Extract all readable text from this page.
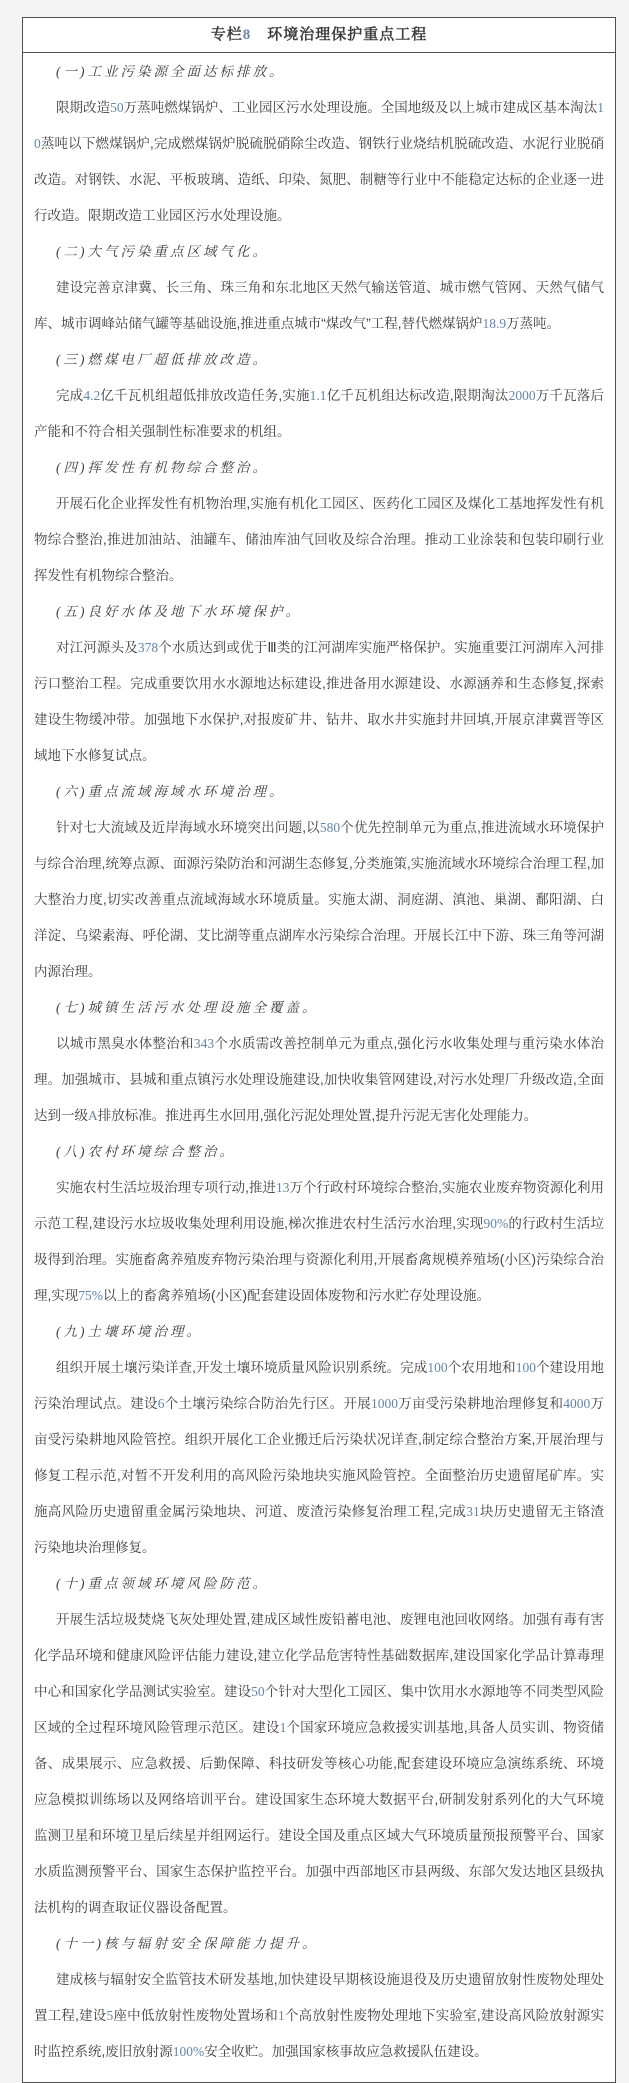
专栏8　环境治理保护重点工程

(一)工业污染源全面达标排放。

限期改造50万蒸吨燃煤锅炉、工业园区污水处理设施。全国地级及以上城市建成区基本淘汰10蒸吨以下燃煤锅炉,完成燃煤锅炉脱硫脱硝除尘改造、钢铁行业烧结机脱硫改造、水泥行业脱硝改造。对钢铁、水泥、平板玻璃、造纸、印染、氮肥、制糖等行业中不能稳定达标的企业逐一进行改造。限期改造工业园区污水处理设施。

(二)大气污染重点区域气化。

建设完善京津冀、长三角、珠三角和东北地区天然气输送管道、城市燃气管网、天然气储气库、城市调峰站储气罐等基础设施,推进重点城市“煤改气”工程,替代燃煤锅炉18.9万蒸吨。

(三)燃煤电厂超低排放改造。

完成4.2亿千瓦机组超低排放改造任务,实施1.1亿千瓦机组达标改造,限期淘汰2000万千瓦落后产能和不符合相关强制性标准要求的机组。

(四)挥发性有机物综合整治。

开展石化企业挥发性有机物治理,实施有机化工园区、医药化工园区及煤化工基地挥发性有机物综合整治,推进加油站、油罐车、储油库油气回收及综合治理。推动工业涂装和包装印刷行业挥发性有机物综合整治。

(五)良好水体及地下水环境保护。

对江河源头及378个水质达到或优于Ⅲ类的江河湖库实施严格保护。实施重要江河湖库入河排污口整治工程。完成重要饮用水水源地达标建设,推进备用水源建设、水源涵养和生态修复,探索建设生物缓冲带。加强地下水保护,对报废矿井、钻井、取水井实施封井回填,开展京津冀晋等区域地下水修复试点。

(六)重点流域海域水环境治理。

针对七大流域及近岸海域水环境突出问题,以580个优先控制单元为重点,推进流域水环境保护与综合治理,统筹点源、面源污染防治和河湖生态修复,分类施策,实施流域水环境综合治理工程,加大整治力度,切实改善重点流域海域水环境质量。实施太湖、洞庭湖、滇池、巢湖、鄱阳湖、白洋淀、乌梁素海、呼伦湖、艾比湖等重点湖库水污染综合治理。开展长江中下游、珠三角等河湖内源治理。

(七)城镇生活污水处理设施全覆盖。

以城市黑臭水体整治和343个水质需改善控制单元为重点,强化污水收集处理与重污染水体治理。加强城市、县城和重点镇污水处理设施建设,加快收集管网建设,对污水处理厂升级改造,全面达到一级A排放标准。推进再生水回用,强化污泥处理处置,提升污泥无害化处理能力。

(八)农村环境综合整治。

实施农村生活垃圾治理专项行动,推进13万个行政村环境综合整治,实施农业废弃物资源化利用示范工程,建设污水垃圾收集处理利用设施,梯次推进农村生活污水治理,实现90%的行政村生活垃圾得到治理。实施畜禽养殖废弃物污染治理与资源化利用,开展畜禽规模养殖场(小区)污染综合治理,实现75%以上的畜禽养殖场(小区)配套建设固体废物和污水贮存处理设施。

(九)土壤环境治理。

组织开展土壤污染详查,开发土壤环境质量风险识别系统。完成100个农用地和100个建设用地污染治理试点。建设6个土壤污染综合防治先行区。开展1000万亩受污染耕地治理修复和4000万亩受污染耕地风险管控。组织开展化工企业搬迁后污染状况详查,制定综合整治方案,开展治理与修复工程示范,对暂不开发利用的高风险污染地块实施风险管控。全面整治历史遗留尾矿库。实施高风险历史遗留重金属污染地块、河道、废渣污染修复治理工程,完成31块历史遗留无主铬渣污染地块治理修复。

(十)重点领域环境风险防范。

开展生活垃圾焚烧飞灰处理处置,建成区域性废铅蓄电池、废锂电池回收网络。加强有毒有害化学品环境和健康风险评估能力建设,建立化学品危害特性基础数据库,建设国家化学品计算毒理中心和国家化学品测试实验室。建设50个针对大型化工园区、集中饮用水水源地等不同类型风险区域的全过程环境风险管理示范区。建设1个国家环境应急救援实训基地,具备人员实训、物资储备、成果展示、应急救援、后勤保障、科技研发等核心功能,配套建设环境应急演练系统、环境应急模拟训练场以及网络培训平台。建设国家生态环境大数据平台,研制发射系列化的大气环境监测卫星和环境卫星后续星并组网运行。建设全国及重点区域大气环境质量预报预警平台、国家水质监测预警平台、国家生态保护监控平台。加强中西部地区市县两级、东部欠发达地区县级执法机构的调查取证仪器设备配置。

(十一)核与辐射安全保障能力提升。

建成核与辐射安全监管技术研发基地,加快建设早期核设施退役及历史遗留放射性废物处理处置工程,建设5座中低放射性废物处置场和1个高放射性废物处理地下实验室,建设高风险放射源实时监控系统,废旧放射源100%安全收贮。加强国家核事故应急救援队伍建设。
